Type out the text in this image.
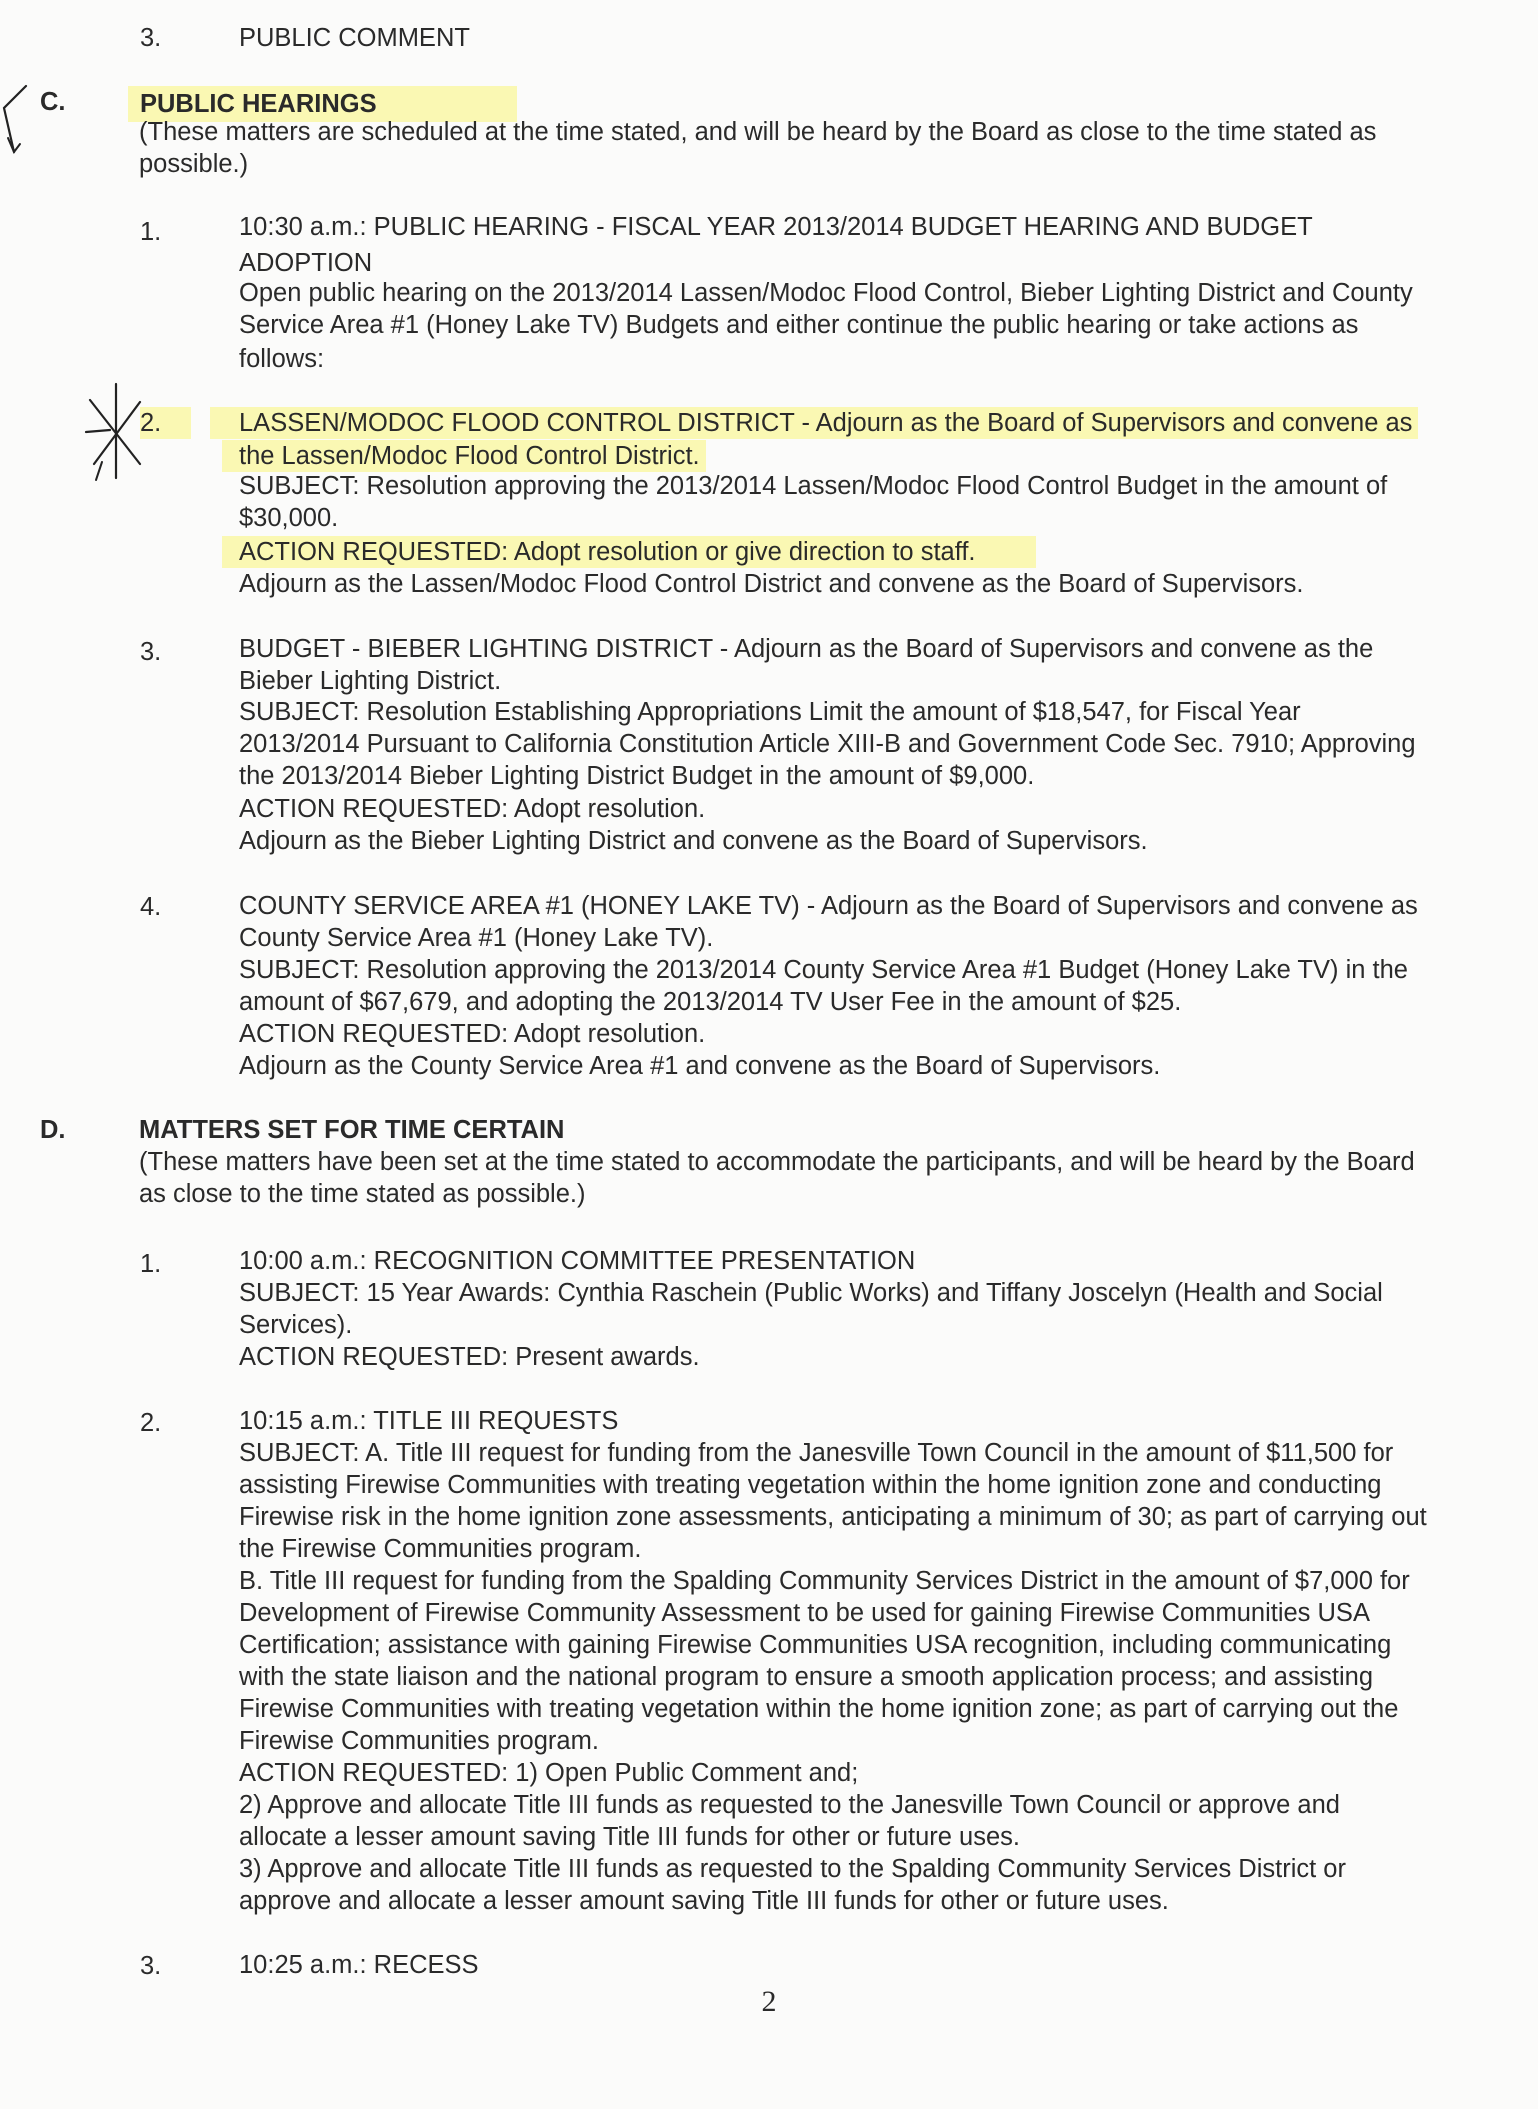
3.	PUBLIC COMMENT
C.	PUBLIC HEARINGS
(These matters are scheduled at the time stated, and will be heard by the Board as close to the time stated as
possible.)
1.	10:30 a.m.: PUBLIC HEARING - FISCAL YEAR 2013/2014 BUDGET HEARING AND BUDGET
ADOPTION
Open public hearing on the 2013/2014 Lassen/Modoc Flood Control, Bieber Lighting District and County
Service Area #1 (Honey Lake TV) Budgets and either continue the public hearing or take actions as
follows:
2.	LASSEN/MODOC FLOOD CONTROL DISTRICT - Adjourn as the Board of Supervisors and convene as
the Lassen/Modoc Flood Control District.
SUBJECT: Resolution approving the 2013/2014 Lassen/Modoc Flood Control Budget in the amount of
$30,000.
ACTION REQUESTED: Adopt resolution or give direction to staff.
Adjourn as the Lassen/Modoc Flood Control District and convene as the Board of Supervisors.
3.	BUDGET - BIEBER LIGHTING DISTRICT - Adjourn as the Board of Supervisors and convene as the
Bieber Lighting District.
SUBJECT: Resolution Establishing Appropriations Limit the amount of $18,547, for Fiscal Year
2013/2014 Pursuant to California Constitution Article XIII-B and Government Code Sec. 7910; Approving
the 2013/2014 Bieber Lighting District Budget in the amount of $9,000.
ACTION REQUESTED: Adopt resolution.
Adjourn as the Bieber Lighting District and convene as the Board of Supervisors.
4.	COUNTY SERVICE AREA #1 (HONEY LAKE TV) - Adjourn as the Board of Supervisors and convene as
County Service Area #1 (Honey Lake TV).
SUBJECT: Resolution approving the 2013/2014 County Service Area #1 Budget (Honey Lake TV) in the
amount of $67,679, and adopting the 2013/2014 TV User Fee in the amount of $25.
ACTION REQUESTED: Adopt resolution.
Adjourn as the County Service Area #1 and convene as the Board of Supervisors.
D.	MATTERS SET FOR TIME CERTAIN
(These matters have been set at the time stated to accommodate the participants, and will be heard by the Board
as close to the time stated as possible.)
1.	10:00 a.m.: RECOGNITION COMMITTEE PRESENTATION
SUBJECT: 15 Year Awards: Cynthia Raschein (Public Works) and Tiffany Joscelyn (Health and Social
Services).
ACTION REQUESTED: Present awards.
2.	10:15 a.m.: TITLE III REQUESTS
SUBJECT: A. Title III request for funding from the Janesville Town Council in the amount of $11,500 for
assisting Firewise Communities with treating vegetation within the home ignition zone and conducting
Firewise risk in the home ignition zone assessments, anticipating a minimum of 30; as part of carrying out
the Firewise Communities program.
B. Title III request for funding from the Spalding Community Services District in the amount of $7,000 for
Development of Firewise Community Assessment to be used for gaining Firewise Communities USA
Certification; assistance with gaining Firewise Communities USA recognition, including communicating
with the state liaison and the national program to ensure a smooth application process; and assisting
Firewise Communities with treating vegetation within the home ignition zone; as part of carrying out the
Firewise Communities program.
ACTION REQUESTED: 1) Open Public Comment and;
2) Approve and allocate Title III funds as requested to the Janesville Town Council or approve and
allocate a lesser amount saving Title III funds for other or future uses.
3) Approve and allocate Title III funds as requested to the Spalding Community Services District or
approve and allocate a lesser amount saving Title III funds for other or future uses.
3.	10:25 a.m.: RECESS
2
